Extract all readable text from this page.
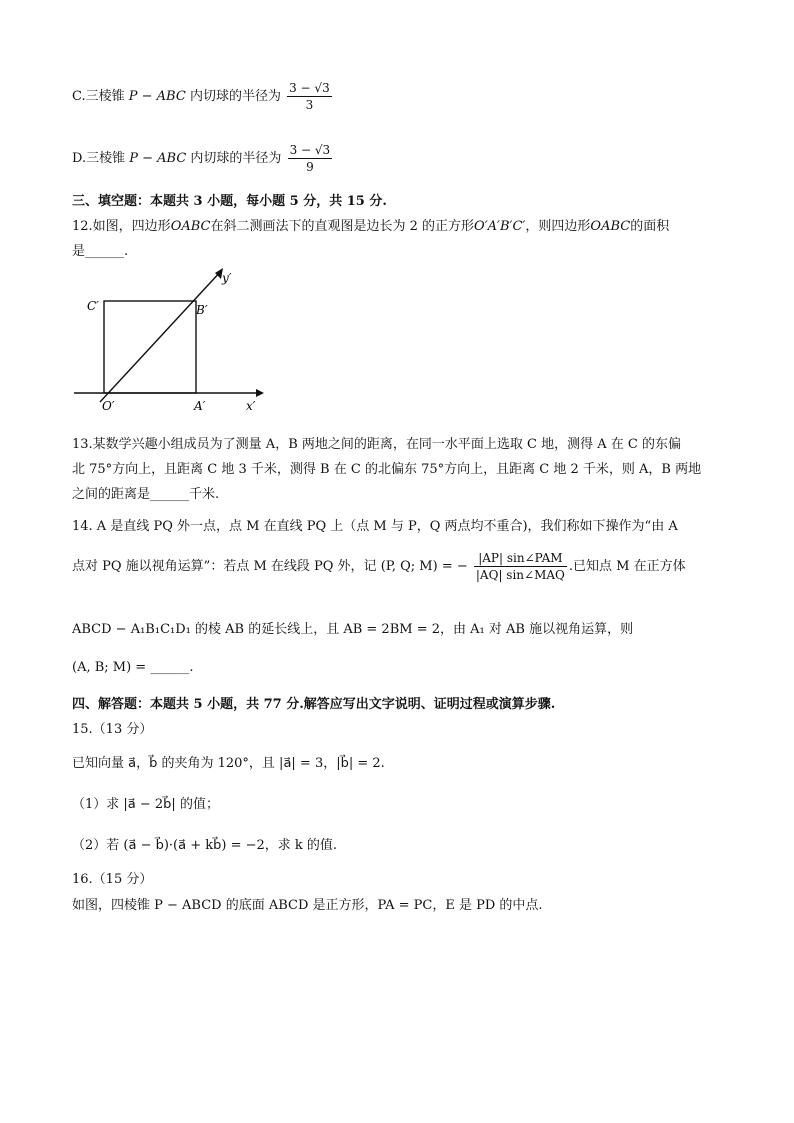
C.三棱锥 P − ABC 内切球的半径为 $\frac{3 - √3}{3}$
D.三棱锥 P − ABC 内切球的半径为 $\frac{3 - √3}{9}$
三、填空题：本题共 3 小题，每小题 5 分，共 15 分.
12.如图，四边形OABC在斜二测画法下的直观图是边长为 2 的正方形O′A′B′C′，则四边形OABC的面积
是______.
C′	B′
O′	A′	x′
y′
13.某数学兴趣小组成员为了测量 A，B 两地之间的距离，在同一水平面上选取 C 地，测得 A 在 C 的东偏
北 75°方向上，且距离 C 地 3 千米，测得 B 在 C 的北偏东 75°方向上，且距离 C 地 2 千米，则 A，B 两地
之间的距离是______千米.
14. A 是直线 PQ 外一点，点 M 在直线 PQ 上（点 M 与 P，Q 两点均不重合)，我们称如下操作为“由 A
点对 PQ 施以视角运算”：若点 M 在线段 PQ 外，记 (P, Q; M) = − $\frac{\text{|AP| sin∠PAM}}{\text{|AQ| sin∠MAQ}}$ .已知点 M 在正方体
ABCD − A₁B₁C₁D₁ 的棱 AB 的延长线上，且 AB = 2BM = 2，由 A₁ 对 AB 施以视角运算，则
(A, B; M) = ______.
四、解答题：本题共 5 小题，共 77 分.解答应写出文字说明、证明过程或演算步骤.
15.（13 分）
已知向量 a⃗，b⃗ 的夹角为 120°，且 |a⃗| = 3，|b⃗| = 2.
（1）求 |a⃗ − 2b⃗| 的值；
（2）若 (a⃗ − b⃗)·(a⃗ + kb⃗) = −2，求 k 的值.
16.（15 分）
如图，四棱锥 P − ABCD 的底面 ABCD 是正方形，PA = PC，E 是 PD 的中点.
